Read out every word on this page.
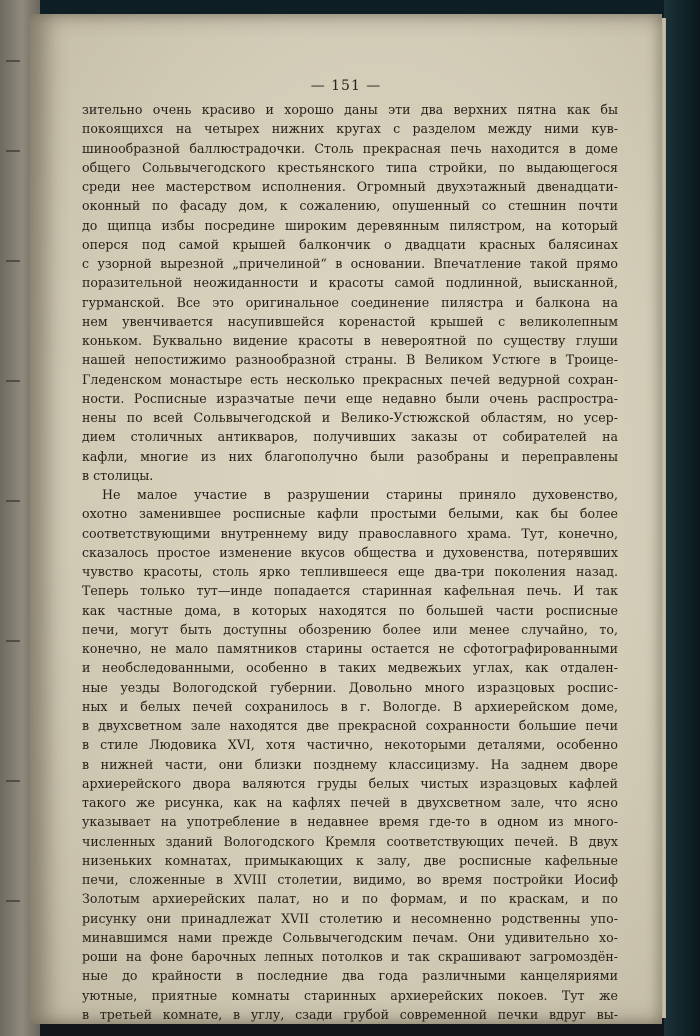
— 151 —
зительно очень красиво и хорошо даны эти два верхних пятна как бы
покоящихся на четырех нижних кругах с разделом между ними кув-
шинообразной баллюстрадочки. Столь прекрасная печь находится в доме
общего Сольвычегодского крестьянского типа стройки, по выдающегося
среди нее мастерством исполнения. Огромный двухэтажный двенадцати-
оконный по фасаду дом, к сожалению, опушенный со стешнин почти
до щипца избы посредине широким деревянным пилястром, на который
оперся под самой крышей балкончик о двадцати красных балясинах
с узорной вырезной „причелиной“ в основании. Впечатление такой прямо
поразительной неожиданности и красоты самой подлинной, выисканной,
гурманской. Все это оригинальное соединение пилястра и балкона на
нем увенчивается насупившейся коренастой крышей с великолепным
коньком. Буквально видение красоты в невероятной по существу глуши
нашей непостижимо разнообразной страны. В Великом Устюге в Троице-
Гледенском монастыре есть несколько прекрасных печей ведурной сохран-
ности. Росписные изразчатые печи еще недавно были очень распростра-
нены по всей Сольвычегодской и Велико-Устюжской областям, но усер-
дием столичных антикваров, получивших заказы от собирателей на
кафли, многие из них благополучно были разобраны и переправлены
в столицы.
Не малое участие в разрушении старины приняло духовенство,
охотно заменившее росписные кафли простыми белыми, как бы более
соответствующими внутреннему виду православного храма. Тут, конечно,
сказалось простое изменение вкусов общества и духовенства, потерявших
чувство красоты, столь ярко теплившееся еще два-три поколения назад.
Теперь только тут—инде попадается старинная кафельная печь. И так
как частные дома, в которых находятся по большей части росписные
печи, могут быть доступны обозрению более или менее случайно, то,
конечно, не мало памятников старины остается не сфотографированными
и необследованными, особенно в таких медвежьих углах, как отдален-
ные уезды Вологодской губернии. Довольно много изразцовых роспис-
ных и белых печей сохранилось в г. Вологде. В архиерейском доме,
в двухсветном зале находятся две прекрасной сохранности большие печи
в стиле Людовика XVI, хотя частично, некоторыми деталями, особенно
в нижней части, они близки позднему классицизму. На заднем дворе
архиерейского двора валяются груды белых чистых изразцовых кафлей
такого же рисунка, как на кафлях печей в двухсветном зале, что ясно
указывает на употребление в недавнее время где-то в одном из много-
численных зданий Вологодского Кремля соответствующих печей. В двух
низеньких комнатах, примыкающих к залу, две росписные кафельные
печи, сложенные в XVIII столетии, видимо, во время постройки Иосиф
Золотым архиерейских палат, но и по формам, и по краскам, и по
рисунку они принадлежат XVII столетию и несомненно родственны упо-
минавшимся нами прежде Сольвычегодским печам. Они удивительно хо-
роши на фоне барочных лепных потолков и так скрашивают загромоздён-
ные до крайности в последние два года различными канцеляриями
уютные, приятные комнаты старинных архиерейских покоев. Тут же
в третьей комнате, в углу, сзади грубой современной печки вдруг вы-
